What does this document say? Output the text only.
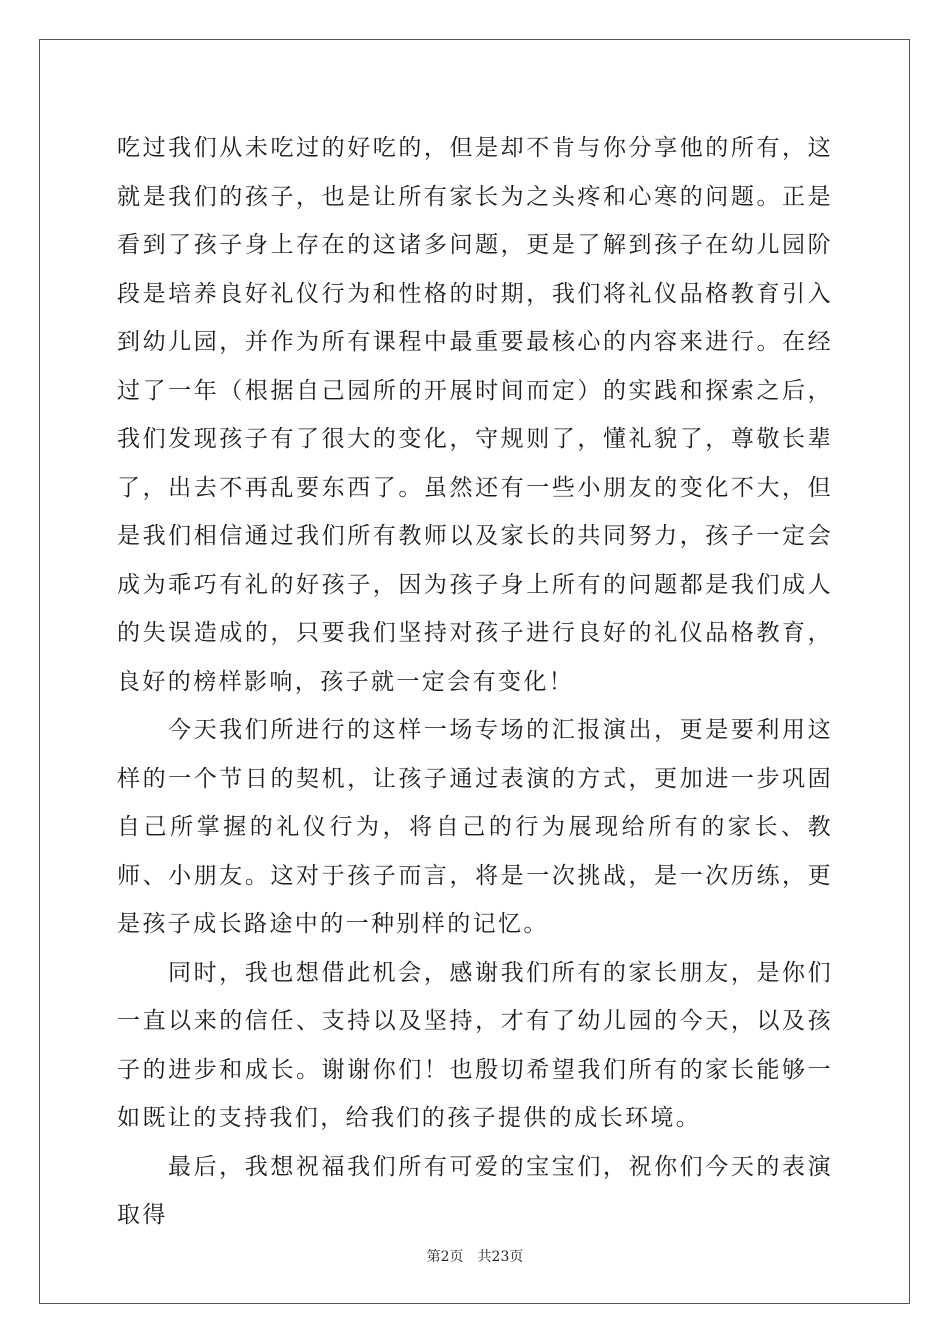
吃过我们从未吃过的好吃的，但是却不肯与你分享他的所有，这就是我们的孩子，也是让所有家长为之头疼和心寒的问题。正是看到了孩子身上存在的这诸多问题，更是了解到孩子在幼儿园阶段是培养良好礼仪行为和性格的时期，我们将礼仪品格教育引入到幼儿园，并作为所有课程中最重要最核心的内容来进行。在经过了一年（根据自己园所的开展时间而定）的实践和探索之后，我们发现孩子有了很大的变化，守规则了，懂礼貌了，尊敬长辈了，出去不再乱要东西了。虽然还有一些小朋友的变化不大，但是我们相信通过我们所有教师以及家长的共同努力，孩子一定会成为乖巧有礼的好孩子，因为孩子身上所有的问题都是我们成人的失误造成的，只要我们坚持对孩子进行良好的礼仪品格教育，良好的榜样影响，孩子就一定会有变化！

今天我们所进行的这样一场专场的汇报演出，更是要利用这样的一个节日的契机，让孩子通过表演的方式，更加进一步巩固自己所掌握的礼仪行为，将自己的行为展现给所有的家长、教师、小朋友。这对于孩子而言，将是一次挑战，是一次历练，更是孩子成长路途中的一种别样的记忆。

同时，我也想借此机会，感谢我们所有的家长朋友，是你们一直以来的信任、支持以及坚持，才有了幼儿园的今天，以及孩子的进步和成长。谢谢你们！也殷切希望我们所有的家长能够一如既让的支持我们，给我们的孩子提供的成长环境。

最后，我想祝福我们所有可爱的宝宝们，祝你们今天的表演取得

第2页 共23页
